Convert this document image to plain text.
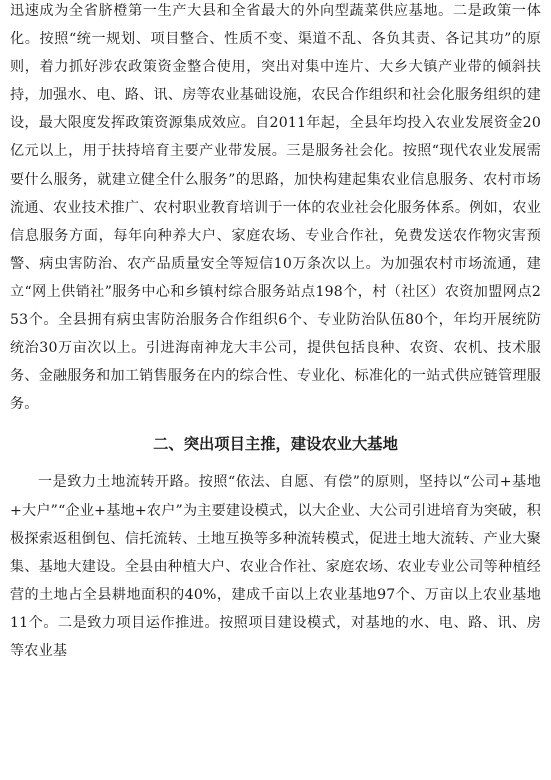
迅速成为全省脐橙第一生产大县和全省最大的外向型蔬菜供应基地。二是政策一体化。按照“统一规划、项目整合、性质不变、渠道不乱、各负其责、各记其功”的原则，着力抓好涉农政策资金整合使用，突出对集中连片、大乡大镇产业带的倾斜扶持，加强水、电、路、讯、房等农业基础设施，农民合作组织和社会化服务组织的建设，最大限度发挥政策资源集成效应。自2011年起，全县年均投入农业发展资金20亿元以上，用于扶持培育主要产业带发展。三是服务社会化。按照“现代农业发展需要什么服务，就建立健全什么服务”的思路，加快构建起集农业信息服务、农村市场流通、农业技术推广、农村职业教育培训于一体的农业社会化服务体系。例如，农业信息服务方面，每年向种养大户、家庭农场、专业合作社，免费发送农作物灾害预警、病虫害防治、农产品质量安全等短信10万条次以上。为加强农村市场流通，建立“网上供销社”服务中心和乡镇村综合服务站点198个，村（社区）农资加盟网点253个。全县拥有病虫害防治服务合作组织6个、专业防治队伍80个，年均开展统防统治30万亩次以上。引进海南神龙大丰公司，提供包括良种、农资、农机、技术服务、金融服务和加工销售服务在内的综合性、专业化、标准化的一站式供应链管理服务。

二、突出项目主推，建设农业大基地

一是致力土地流转开路。按照“依法、自愿、有偿”的原则，坚持以“公司+基地+大户”“企业+基地+农户”为主要建设模式，以大企业、大公司引进培育为突破，积极探索返租倒包、信托流转、土地互换等多种流转模式，促进土地大流转、产业大聚集、基地大建设。全县由种植大户、农业合作社、家庭农场、农业专业公司等种植经营的土地占全县耕地面积的40%，建成千亩以上农业基地97个、万亩以上农业基地11个。二是致力项目运作推进。按照项目建设模式，对基地的水、电、路、讯、房等农业基
